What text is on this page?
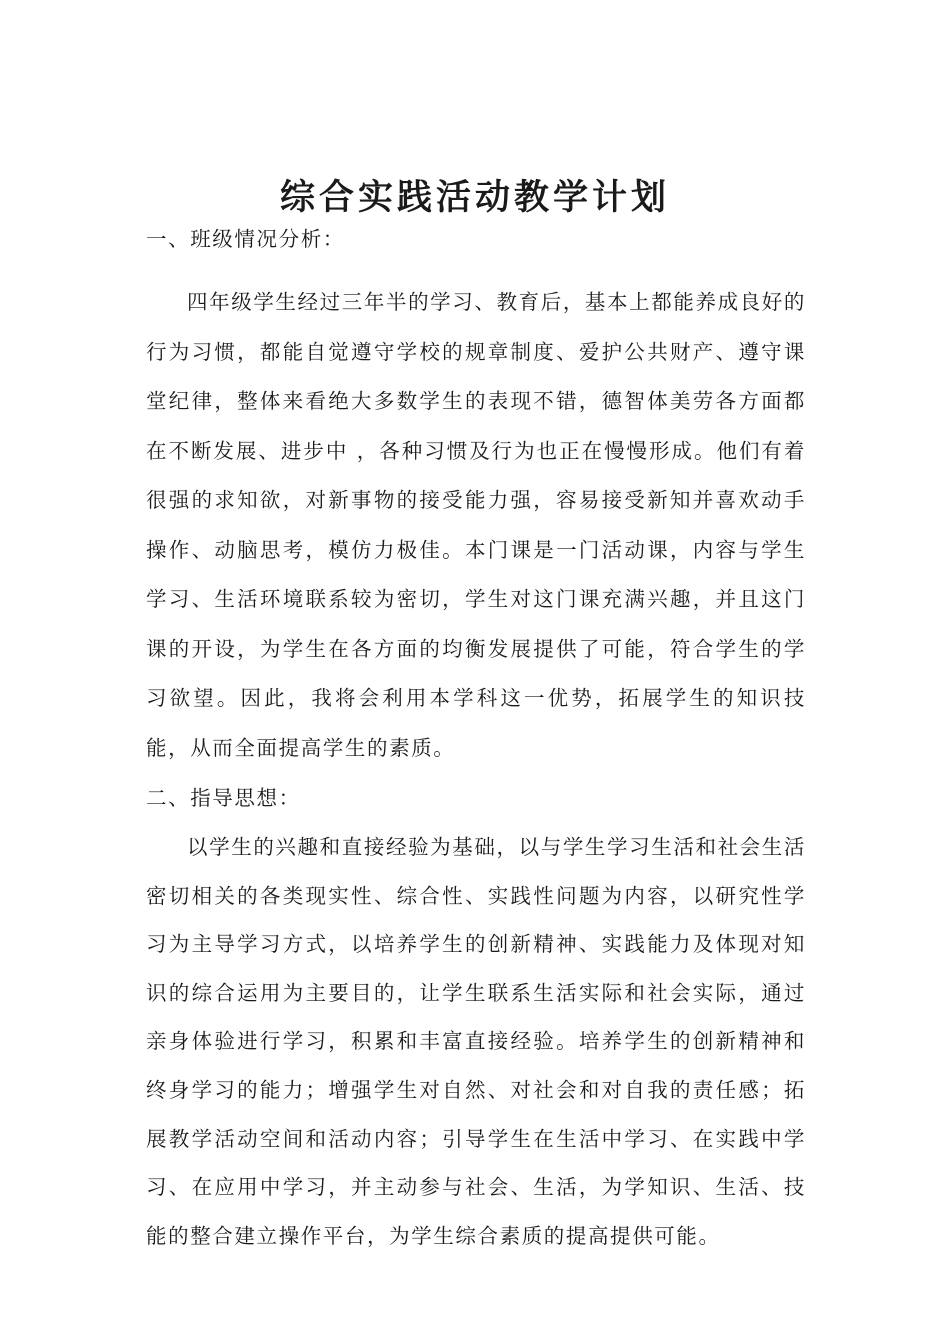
综合实践活动教学计划

一、班级情况分析：

四年级学生经过三年半的学习、教育后，基本上都能养成良好的行为习惯，都能自觉遵守学校的规章制度、爱护公共财产、遵守课堂纪律，整体来看绝大多数学生的表现不错，德智体美劳各方面都在不断发展、进步中 ，各种习惯及行为也正在慢慢形成。他们有着很强的求知欲，对新事物的接受能力强，容易接受新知并喜欢动手操作、动脑思考，模仿力极佳。本门课是一门活动课，内容与学生学习、生活环境联系较为密切，学生对这门课充满兴趣，并且这门课的开设，为学生在各方面的均衡发展提供了可能，符合学生的学习欲望。因此，我将会利用本学科这一优势，拓展学生的知识技能，从而全面提高学生的素质。

二、指导思想：

以学生的兴趣和直接经验为基础，以与学生学习生活和社会生活密切相关的各类现实性、综合性、实践性问题为内容，以研究性学习为主导学习方式，以培养学生的创新精神、实践能力及体现对知识的综合运用为主要目的，让学生联系生活实际和社会实际，通过亲身体验进行学习，积累和丰富直接经验。培养学生的创新精神和终身学习的能力；增强学生对自然、对社会和对自我的责任感；拓展教学活动空间和活动内容；引导学生在生活中学习、在实践中学习、在应用中学习，并主动参与社会、生活，为学知识、生活、技能的整合建立操作平台，为学生综合素质的提高提供可能。
